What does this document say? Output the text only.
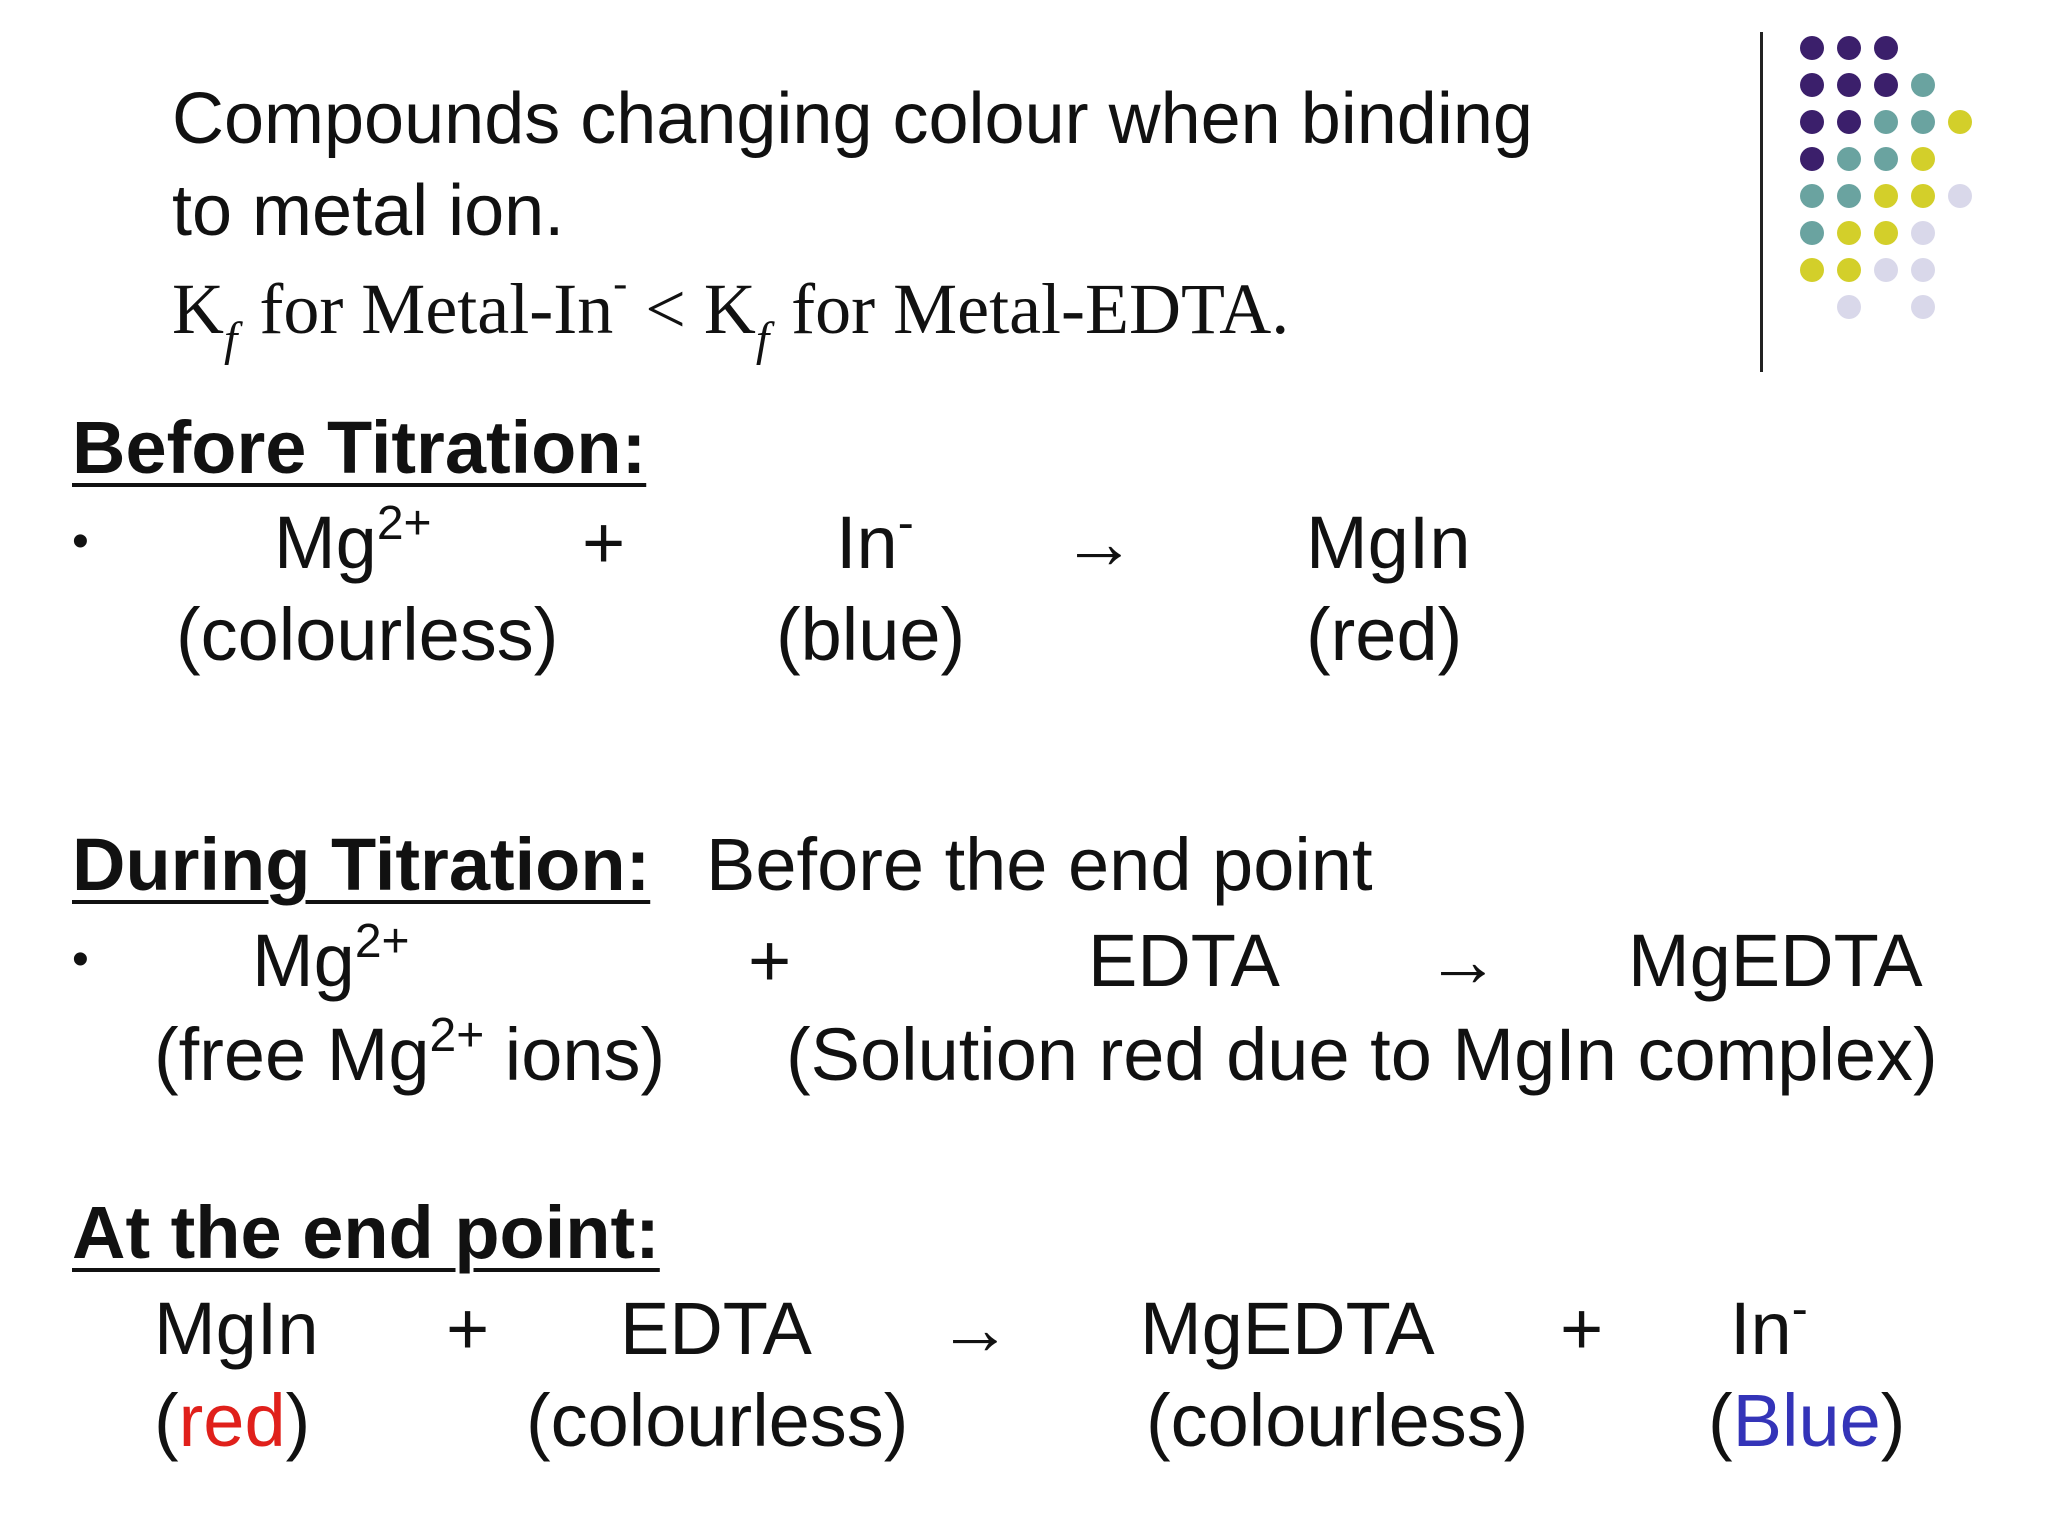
Compounds changing colour when binding
to metal ion.
$K_f$ for Metal-In- < $K_f$ for Metal-EDTA.
Before Titration:
•	$Mg^{2+}$ +	In- → MgIn
(colourless)	(blue)	(red)
During Titration: Before the end point
• $Mg^{2+}$	+	EDTA → MgEDTA
(free $Mg^{2+}$ ions) (Solution red due to MgIn complex)
At the end point:
MgIn + EDTA → MgEDTA + In-
(red)	(colourless)	(colourless) (Blue)
